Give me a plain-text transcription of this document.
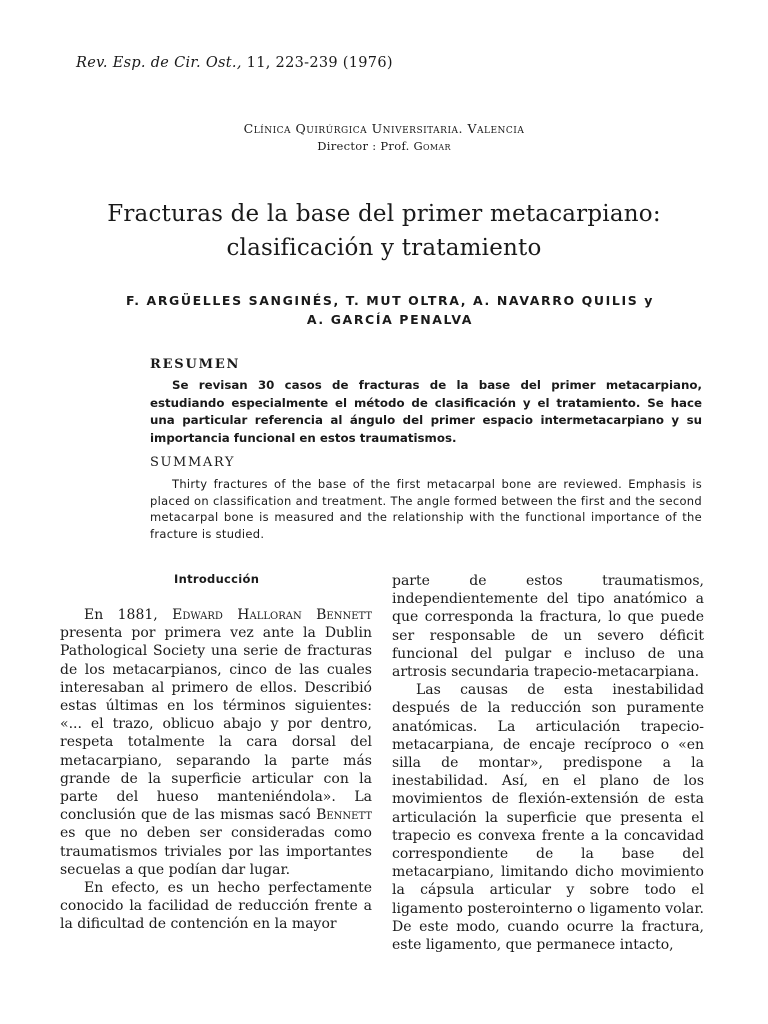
Rev. Esp. de Cir. Ost., 11, 223-239 (1976)
Clínica Quirúrgica Universitaria. Valencia
Director : Prof. Gomar
Fracturas de la base del primer metacarpiano:
clasificación y tratamiento
F. ARGÜELLES SANGINÉS, T. MUT OLTRA, A. NAVARRO QUILIS y
A. GARCÍA PENALVA
RESUMEN
Se revisan 30 casos de fracturas de la base del primer metacarpiano, estudiando especialmente el método de clasificación y el tratamiento. Se hace una particular referencia al ángulo del primer espacio intermetacarpiano y su importancia funcional en estos traumatismos.
SUMMARY
Thirty fractures of the base of the first metacarpal bone are reviewed. Emphasis is placed on classification and treatment. The angle formed between the first and the second metacarpal bone is measured and the relationship with the functional importance of the fracture is studied.
Introducción

En 1881, Edward Halloran Bennett presenta por primera vez ante la Dublin Pathological Society una serie de fracturas de los metacarpianos, cinco de las cuales interesaban al primero de ellos. Describió estas últimas en los términos siguientes: «... el trazo, oblicuo abajo y por dentro, respeta totalmente la cara dorsal del metacarpiano, separando la parte más grande de la superficie articular con la parte del hueso manteniéndola». La conclusión que de las mismas sacó Bennett es que no deben ser consideradas como traumatismos triviales por las importantes secuelas a que podían dar lugar.

En efecto, es un hecho perfectamente conocido la facilidad de reducción frente a la dificultad de contención en la mayor

parte de estos traumatismos, independientemente del tipo anatómico a que corresponda la fractura, lo que puede ser responsable de un severo déficit funcional del pulgar e incluso de una artrosis secundaria trapecio-metacarpiana.

Las causas de esta inestabilidad después de la reducción son puramente anatómicas. La articulación trapecio-metacarpiana, de encaje recíproco o «en silla de montar», predispone a la inestabilidad. Así, en el plano de los movimientos de flexión-extensión de esta articulación la superficie que presenta el trapecio es convexa frente a la concavidad correspondiente de la base del metacarpiano, limitando dicho movimiento la cápsula articular y sobre todo el ligamento posterointerno o ligamento volar. De este modo, cuando ocurre la fractura, este ligamento, que permanece intacto,
